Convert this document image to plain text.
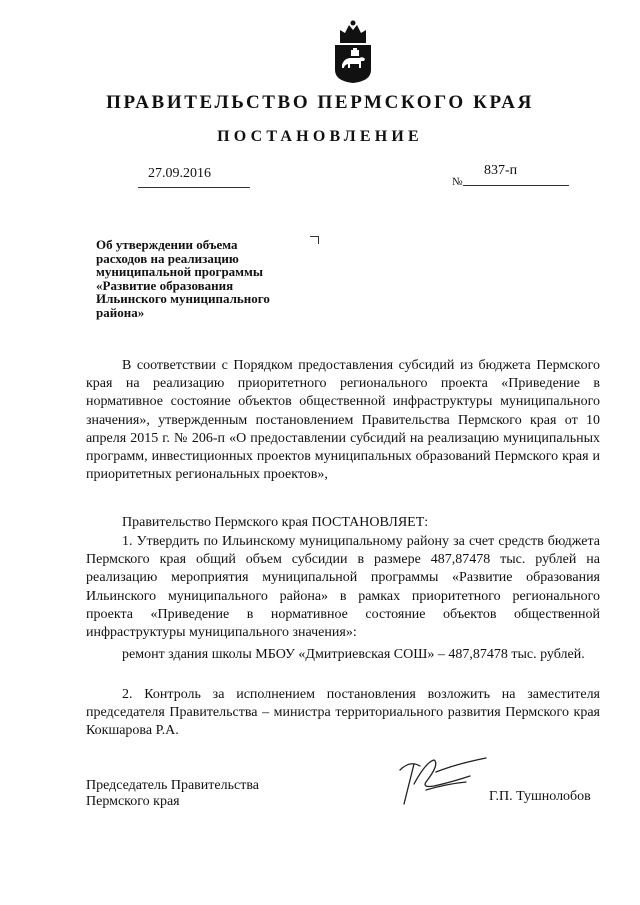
ПРАВИТЕЛЬСТВО ПЕРМСКОГО КРАЯ
ПОСТАНОВЛЕНИЕ
27.09.2016
№
837-п
Об утверждении объема
расходов на реализацию
муниципальной программы
«Развитие образования
Ильинского муниципального
района»
В соответствии с Порядком предоставления субсидий из бюджета Пермского края на реализацию приоритетного регионального проекта «Приведение в нормативное состояние объектов общественной инфраструктуры муниципального значения», утвержденным постановлением Правительства Пермского края от 10 апреля 2015 г. № 206-п «О предоставлении субсидий на реализацию муниципальных программ, инвестиционных проектов муниципальных образований Пермского края и приоритетных региональных проектов»,
Правительство Пермского края ПОСТАНОВЛЯЕТ:
1. Утвердить по Ильинскому муниципальному району за счет средств бюджета Пермского края общий объем субсидии в размере 487,87478 тыс. рублей на реализацию мероприятия муниципальной программы «Развитие образования Ильинского муниципального района» в рамках приоритетного регионального проекта «Приведение в нормативное состояние объектов общественной инфраструктуры муниципального значения»:
ремонт здания школы МБОУ «Дмитриевская СОШ» – 487,87478 тыс. рублей.
2. Контроль за исполнением постановления возложить на заместителя председателя Правительства – министра территориального развития Пермского края Кокшарова Р.А.
Председатель Правительства
Пермского края	Г.П. Тушнолобов
